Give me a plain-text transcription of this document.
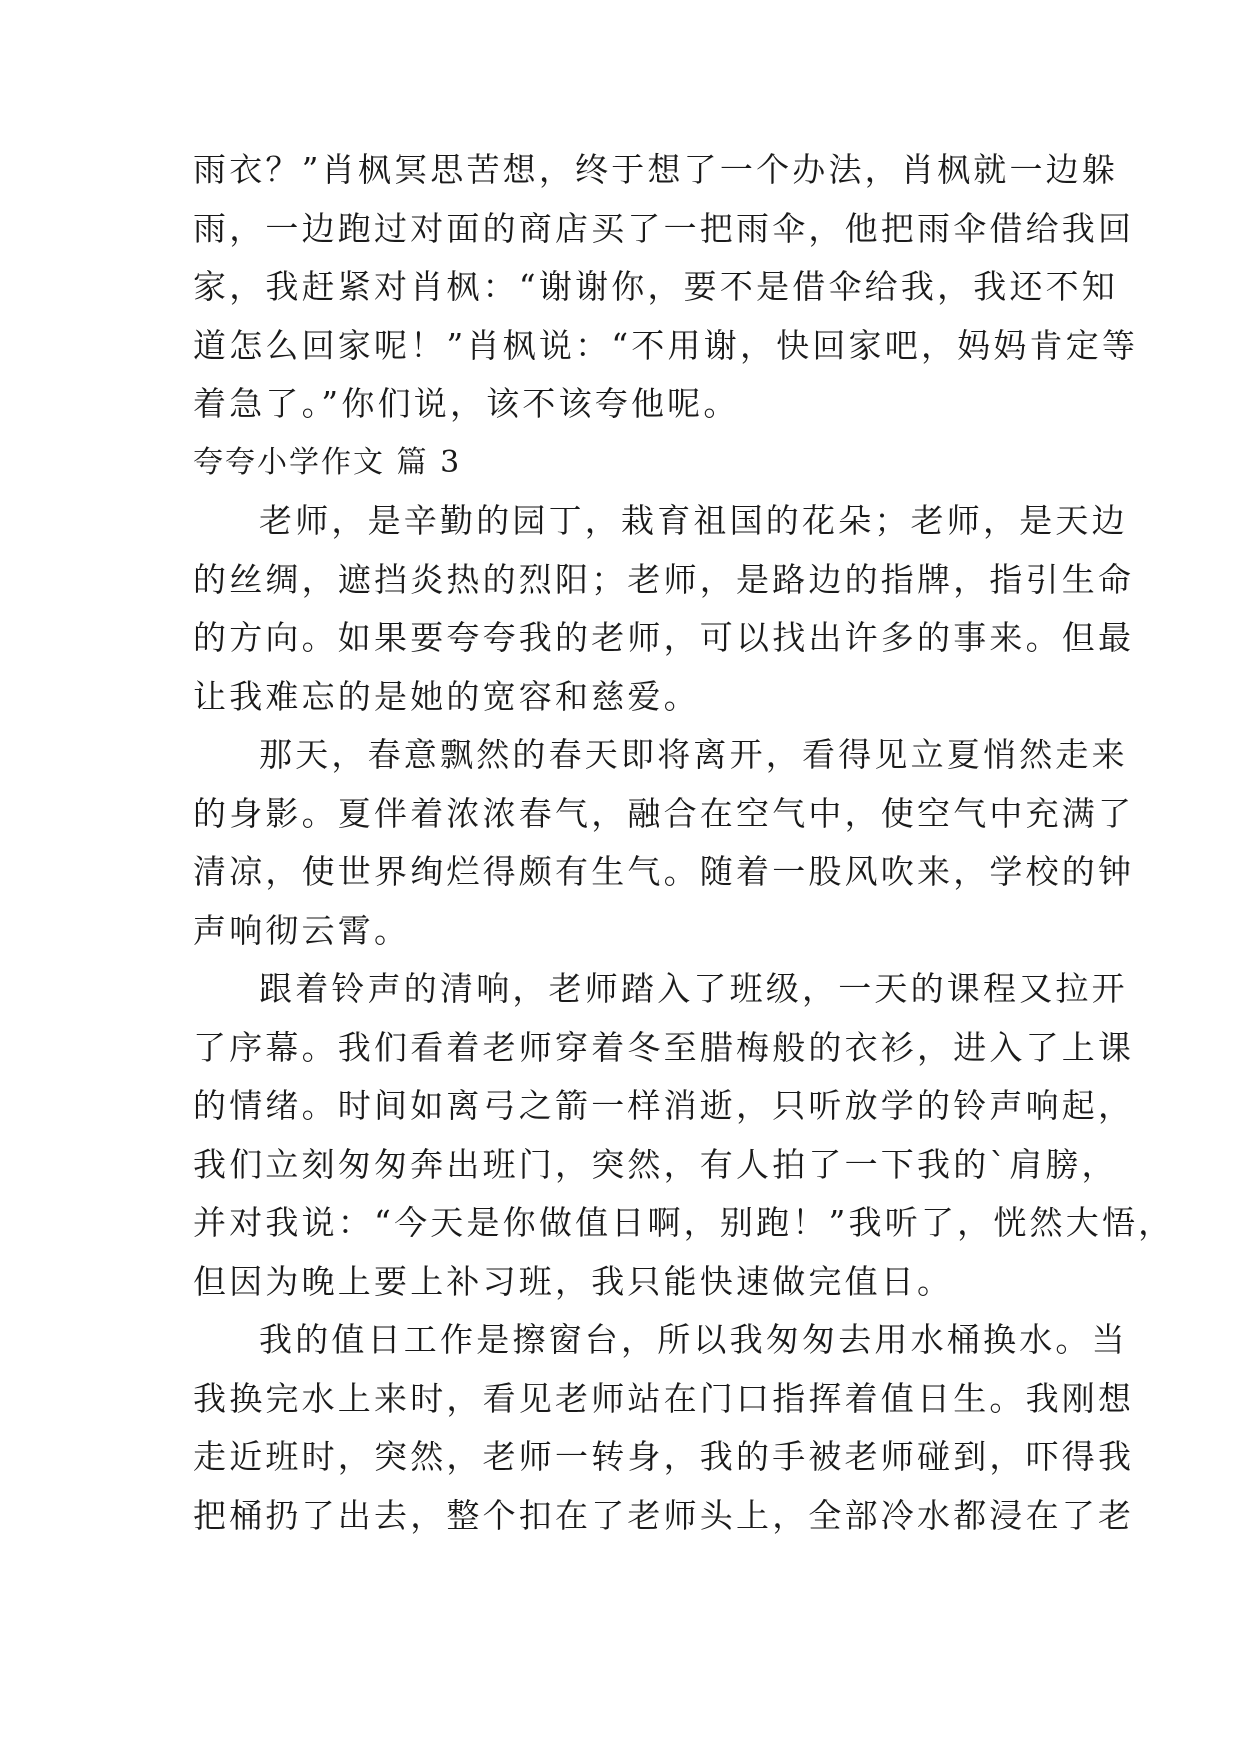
雨衣？”肖枫冥思苦想，终于想了一个办法，肖枫就一边躲
雨，一边跑过对面的商店买了一把雨伞，他把雨伞借给我回
家，我赶紧对肖枫：“谢谢你，要不是借伞给我，我还不知
道怎么回家呢！”肖枫说：“不用谢，快回家吧，妈妈肯定等
着急了。”你们说，该不该夸他呢。
夸夸小学作文 篇 3
老师，是辛勤的园丁，栽育祖国的花朵；老师，是天边
的丝绸，遮挡炎热的烈阳；老师，是路边的指牌，指引生命
的方向。如果要夸夸我的老师，可以找出许多的事来。但最
让我难忘的是她的宽容和慈爱。
那天，春意飘然的春天即将离开，看得见立夏悄然走来
的身影。夏伴着浓浓春气，融合在空气中，使空气中充满了
清凉，使世界绚烂得颇有生气。随着一股风吹来，学校的钟
声响彻云霄。
跟着铃声的清响，老师踏入了班级，一天的课程又拉开
了序幕。我们看着老师穿着冬至腊梅般的衣衫，进入了上课
的情绪。时间如离弓之箭一样消逝，只听放学的铃声响起，
我们立刻匆匆奔出班门，突然，有人拍了一下我的`肩膀，
并对我说：“今天是你做值日啊，别跑！”我听了，恍然大悟，
但因为晚上要上补习班，我只能快速做完值日。
我的值日工作是擦窗台，所以我匆匆去用水桶换水。当
我换完水上来时，看见老师站在门口指挥着值日生。我刚想
走近班时，突然，老师一转身，我的手被老师碰到，吓得我
把桶扔了出去，整个扣在了老师头上，全部冷水都浸在了老
